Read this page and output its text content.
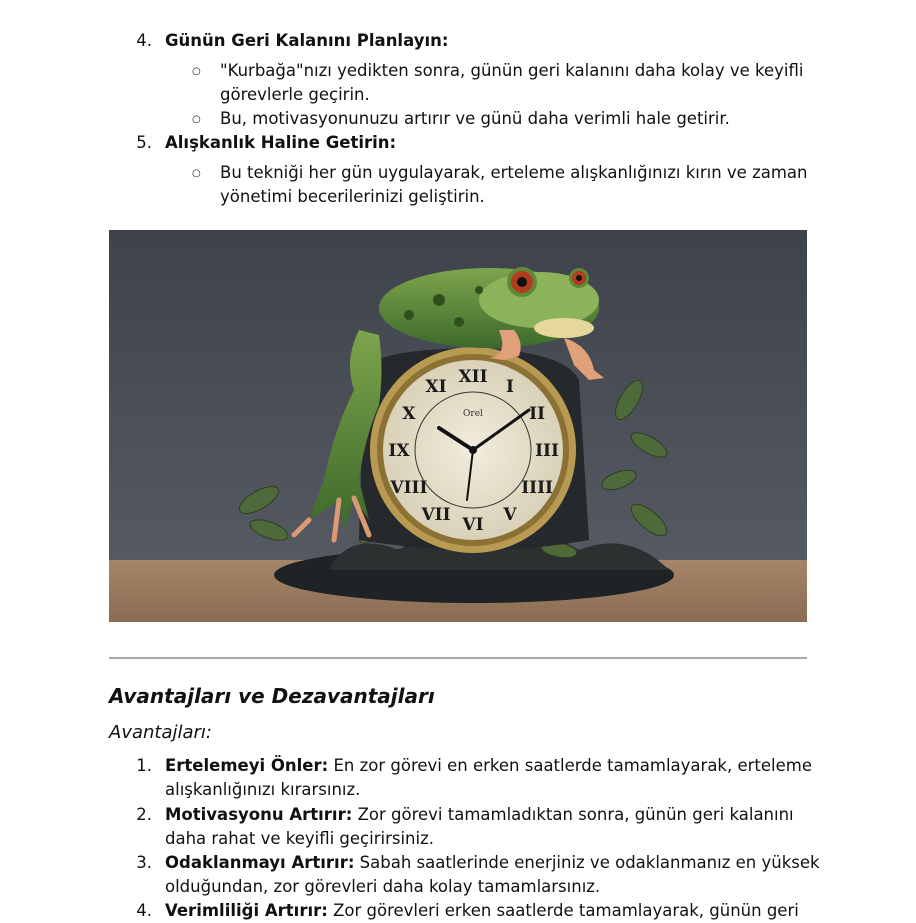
4. Günün Geri Kalanını Planlayın:
○ "Kurbağa"nızı yedikten sonra, günün geri kalanını daha kolay ve keyifli
görevlerle geçirin.
○ Bu, motivasyonunuzu artırır ve günü daha verimli hale getirir.
5. Alışkanlık Haline Getirin:
○ Bu tekniği her gün uygulayarak, erteleme alışkanlığınızı kırın ve zaman
yönetimi becerilerinizi geliştirin.
XII I
II
III
IIII
V
VI
VII
VIII
IX
X
XI
Orel
Avantajları ve Dezavantajları
Avantajları:
1. Ertelemeyi Önler: En zor görevi en erken saatlerde tamamlayarak, erteleme
alışkanlığınızı kırarsınız.
2. Motivasyonu Artırır: Zor görevi tamamladıktan sonra, günün geri kalanını
daha rahat ve keyifli geçirirsiniz.
3. Odaklanmayı Artırır: Sabah saatlerinde enerjiniz ve odaklanmanız en yüksek
olduğundan, zor görevleri daha kolay tamamlarsınız.
4. Verimliliği Artırır: Zor görevleri erken saatlerde tamamlayarak, günün geri
